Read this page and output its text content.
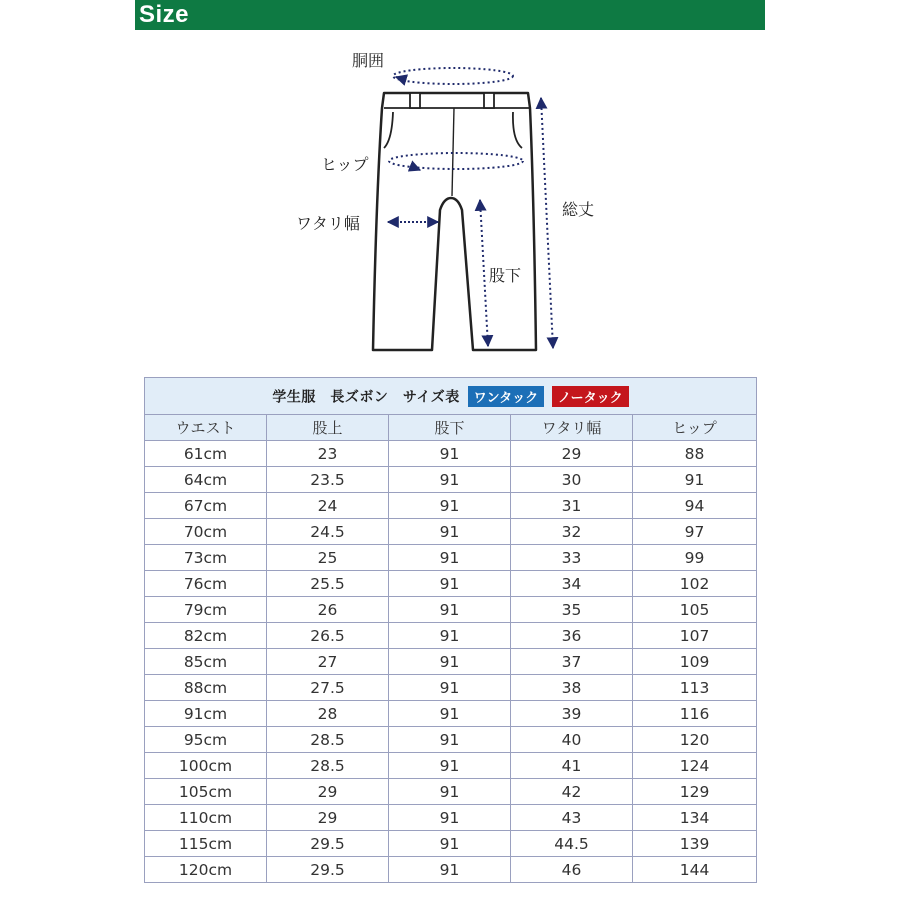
Size
胴囲
ヒップ
ワタリ幅
股下
総丈
学生服　長ズボン　サイズ表 ワンタック ノータック				
ウエスト	股上	股下	ワタリ幅	ヒップ
61cm	23	91	29	88
64cm	23.5	91	30	91
67cm	24	91	31	94
70cm	24.5	91	32	97
73cm	25	91	33	99
76cm	25.5	91	34	102
79cm	26	91	35	105
82cm	26.5	91	36	107
85cm	27	91	37	109
88cm	27.5	91	38	113
91cm	28	91	39	116
95cm	28.5	91	40	120
100cm	28.5	91	41	124
105cm	29	91	42	129
110cm	29	91	43	134
115cm	29.5	91	44.5	139
120cm	29.5	91	46	144
